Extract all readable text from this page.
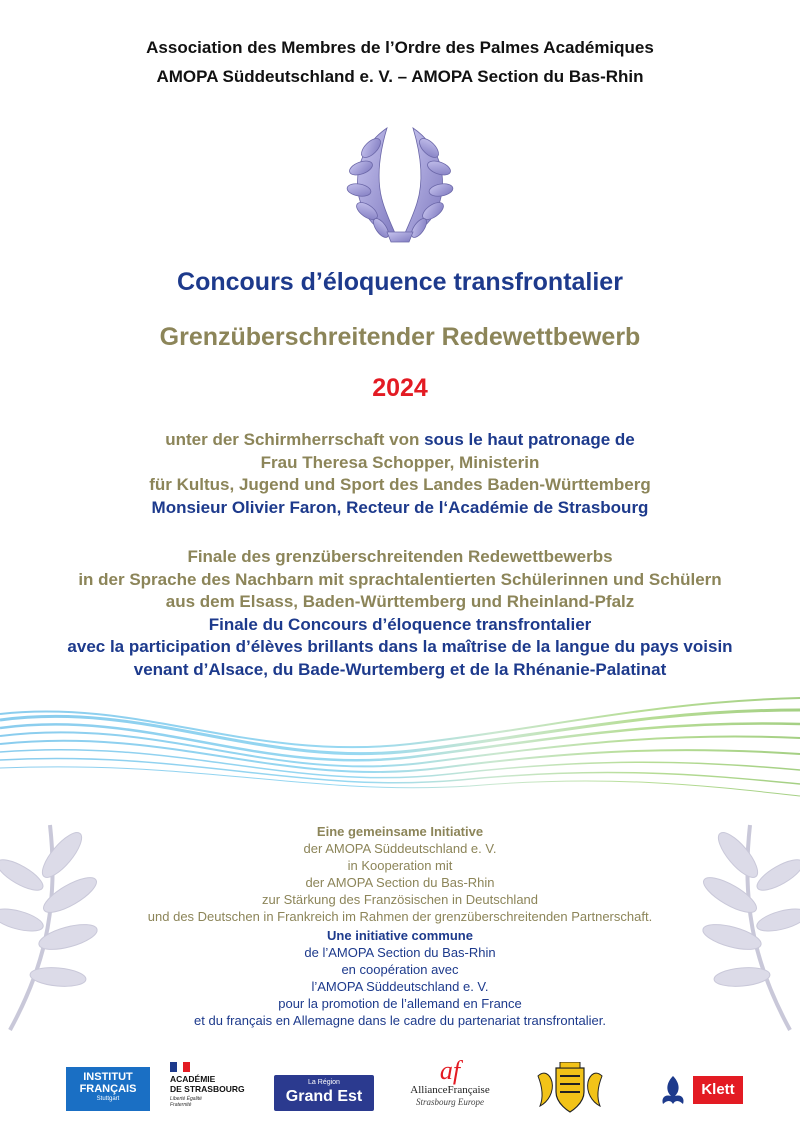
Association des Membres de l’Ordre des Palmes Académiques
AMOPA Süddeutschland e. V. – AMOPA Section du Bas-Rhin
Concours d’éloquence transfrontalier
Grenzüberschreitender Redewettbewerb
2024
unter der Schirmherrschaft von sous le haut patronage de
Frau Theresa Schopper, Ministerin
für Kultus, Jugend und Sport des Landes Baden-Württemberg
Monsieur Olivier Faron, Recteur de l‘Académie de Strasbourg
Finale des grenzüberschreitenden Redewettbewerbs
in der Sprache des Nachbarn mit sprachtalentierten Schülerinnen und Schülern
aus dem Elsass, Baden-Württemberg und Rheinland-Pfalz
Finale du Concours d’éloquence transfrontalier
avec la participation d’élèves brillants dans la maîtrise de la langue du pays voisin
venant d’Alsace, du Bade-Wurtemberg et de la Rhénanie-Palatinat
Eine gemeinsame Initiative
der AMOPA Süddeutschland e. V.
in Kooperation mit
der AMOPA Section du Bas-Rhin
zur Stärkung des Französischen in Deutschland
und des Deutschen in Frankreich im Rahmen der grenzüberschreitenden Partnerschaft.
Une initiative commune
de l’AMOPA Section du Bas-Rhin
en coopération avec
l’AMOPA Süddeutschland e. V.
pour la promotion de l’allemand en France
et du français en Allemagne dans le cadre du partenariat transfrontalier.
INSTITUT
FRANÇAIS
Stuttgart
ACADÉMIE
DE STRASBOURG
Liberté Égalité Fraternité
La Région
Grand Est
af
AllianceFrançaise
Strasbourg Europe
Klett
